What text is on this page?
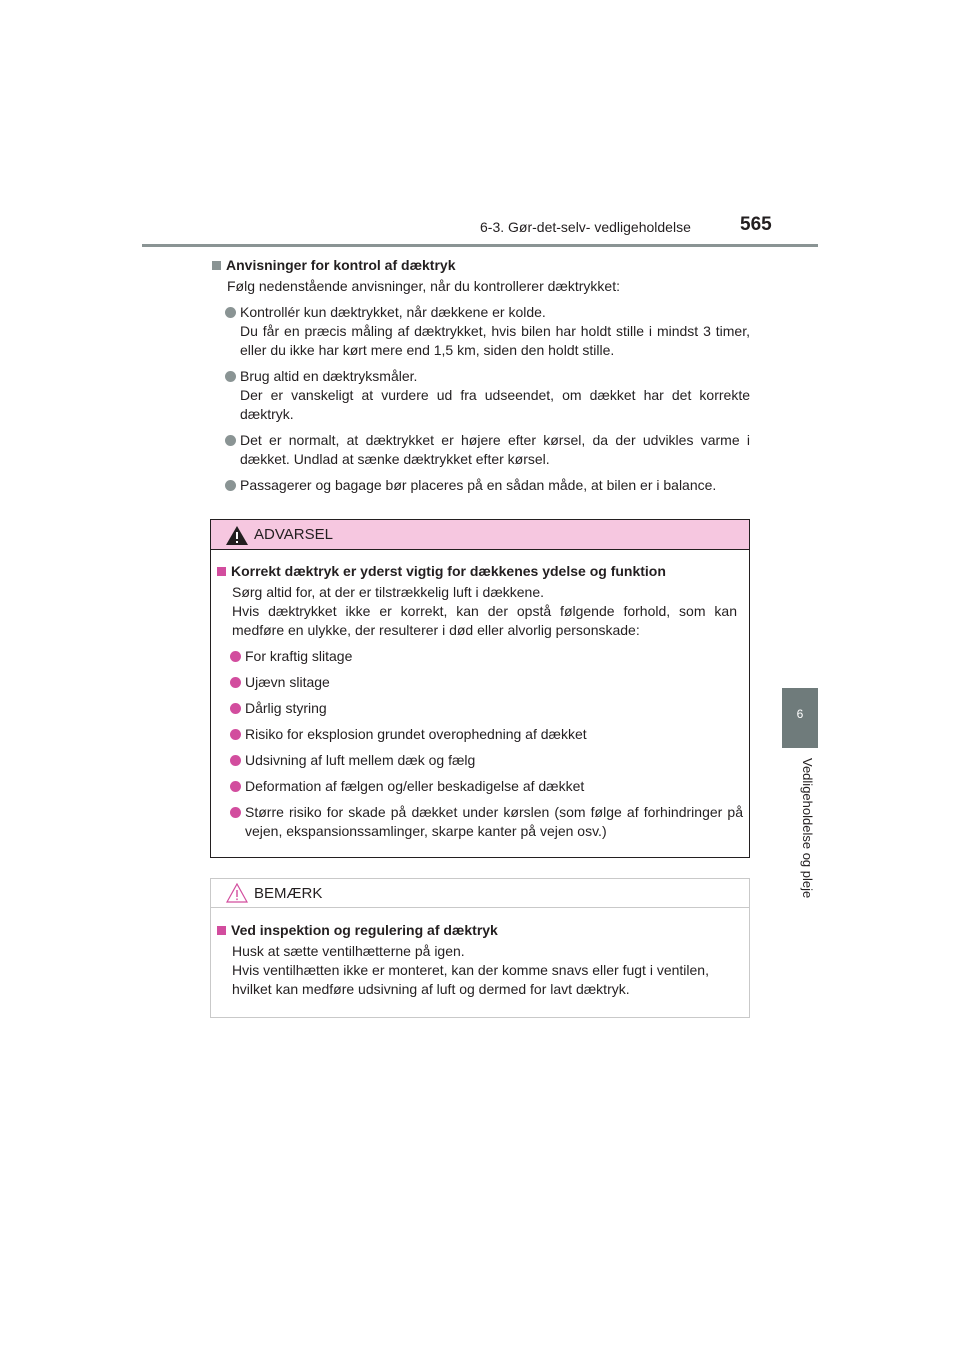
6-3. Gør-det-selv- vedligeholdelse	565
6
Vedligeholdelse og pleje
Anvisninger for kontrol af dæktryk
Følg nedenstående anvisninger, når du kontrollerer dæktrykket:
Kontrollér kun dæktrykket, når dækkene er kolde.
Du får en præcis måling af dæktrykket, hvis bilen har holdt stille i mindst 3 timer, eller du ikke har kørt mere end 1,5 km, siden den holdt stille.
Brug altid en dæktryksmåler.
Der er vanskeligt at vurdere ud fra udseendet, om dækket har det korrekte dæktryk.
Det er normalt, at dæktrykket er højere efter kørsel, da der udvikles varme i dækket. Undlad at sænke dæktrykket efter kørsel.
Passagerer og bagage bør placeres på en sådan måde, at bilen er i balance.
ADVARSEL
Korrekt dæktryk er yderst vigtig for dækkenes ydelse og funktion
Sørg altid for, at der er tilstrækkelig luft i dækkene.
Hvis dæktrykket ikke er korrekt, kan der opstå følgende forhold, som kan medføre en ulykke, der resulterer i død eller alvorlig personskade:
For kraftig slitage
Ujævn slitage
Dårlig styring
Risiko for eksplosion grundet overophedning af dækket
Udsivning af luft mellem dæk og fælg
Deformation af fælgen og/eller beskadigelse af dækket
Større risiko for skade på dækket under kørslen (som følge af forhindringer på vejen, ekspansionssamlinger, skarpe kanter på vejen osv.)
BEMÆRK
Ved inspektion og regulering af dæktryk
Husk at sætte ventilhætterne på igen.
Hvis ventilhætten ikke er monteret, kan der komme snavs eller fugt i ventilen, hvilket kan medføre udsivning af luft og dermed for lavt dæktryk.
